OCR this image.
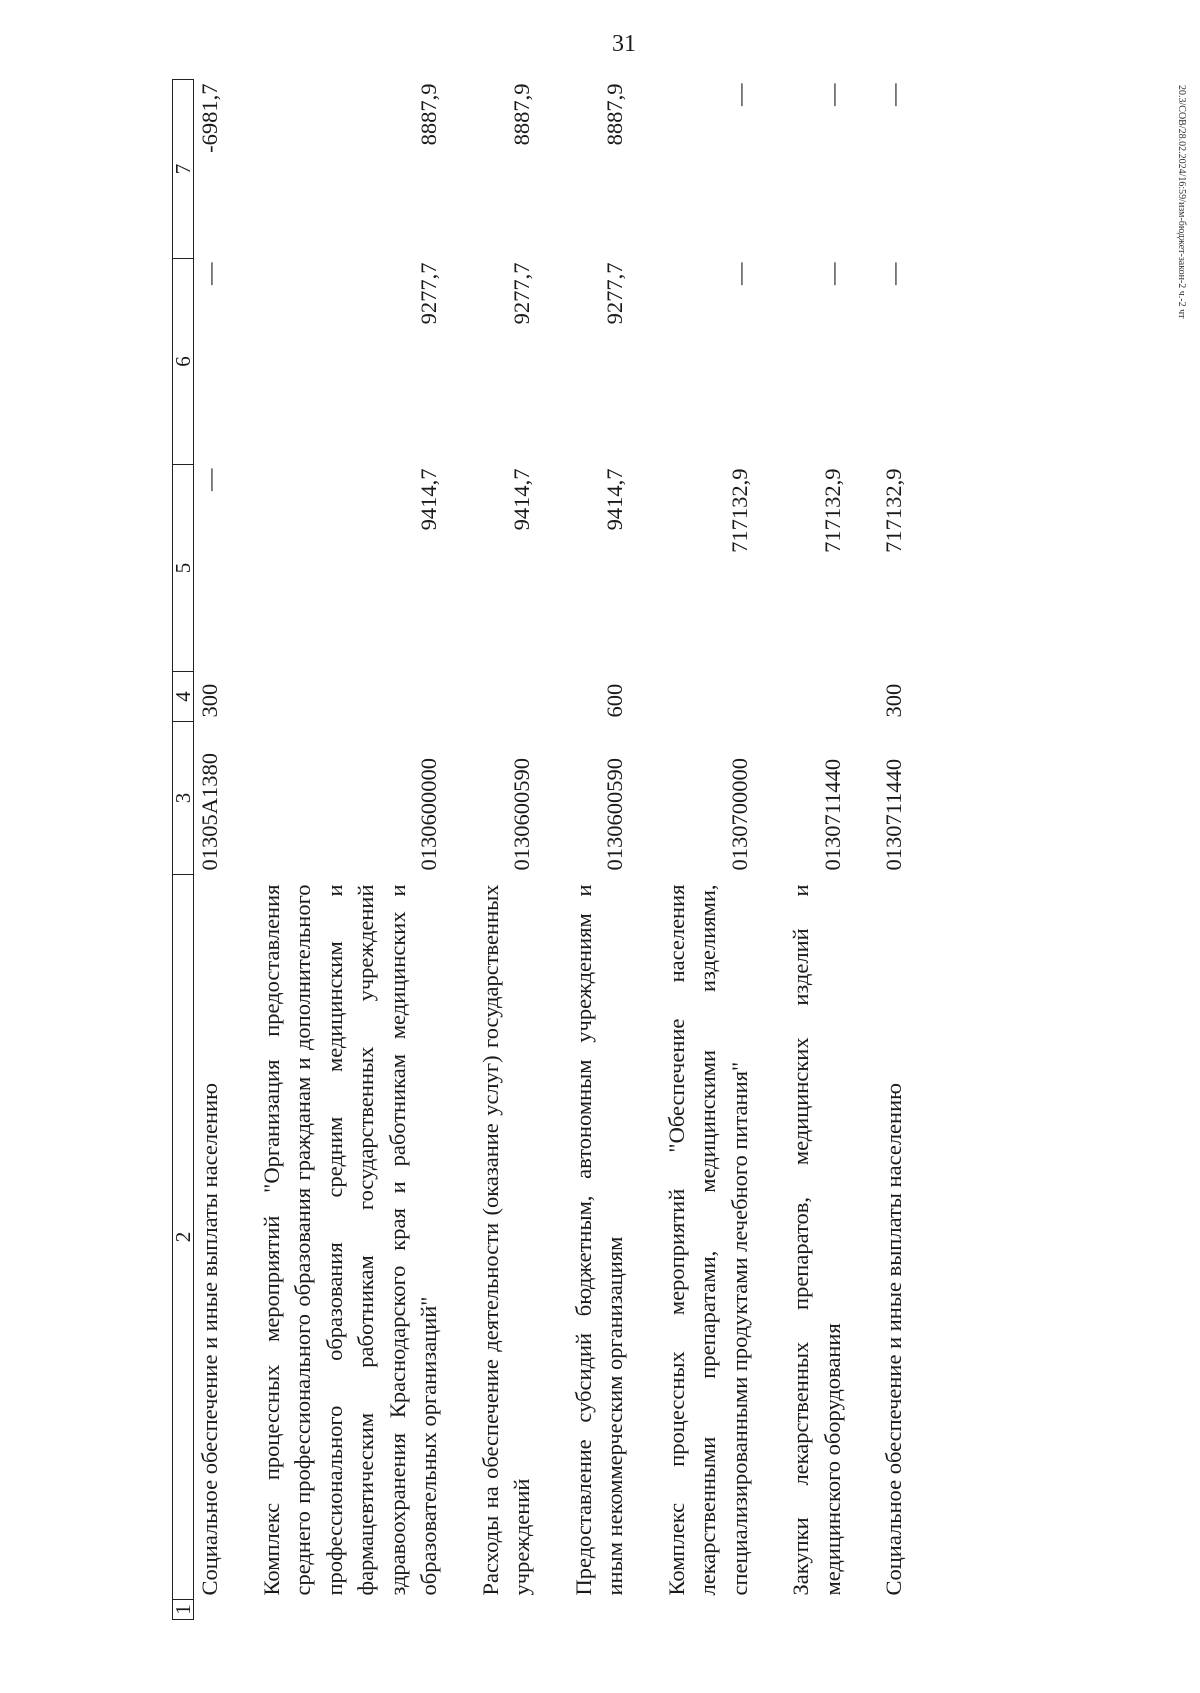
31
20.3/СОВ/28.02.2024/16:59/изм-бюджет-закон-2 ч.-2 чт
1	2	3	4	5	6	7
	Социальное обеспечение и иные выплаты населению	01305А1380	300	—	—	-6981,7
	Комплекс процессных мероприятий "Организация предоставления среднего профессионального образования гражданам и дополнительного профессионального образования средним медицинским и фармацевтическим работникам государственных учреждений здравоохранения Краснодарского края и работникам медицинских и образовательных организаций"	0130600000		9414,7	9277,7	8887,9
	Расходы на обеспечение деятельности (оказание услуг) государственных учреждений	0130600590		9414,7	9277,7	8887,9
	Предоставление субсидий бюджетным, автономным учреждениям и иным некоммерческим организациям	0130600590	600	9414,7	9277,7	8887,9
	Комплекс процессных мероприятий "Обеспечение населения лекарственными препаратами, медицинскими изделиями, специализированными продуктами лечебного питания"	0130700000		717132,9	—	—
	Закупки лекарственных препаратов, медицинских изделий и медицинского оборудования	0130711440		717132,9	—	—
	Социальное обеспечение и иные выплаты населению	0130711440	300	717132,9	—	—
